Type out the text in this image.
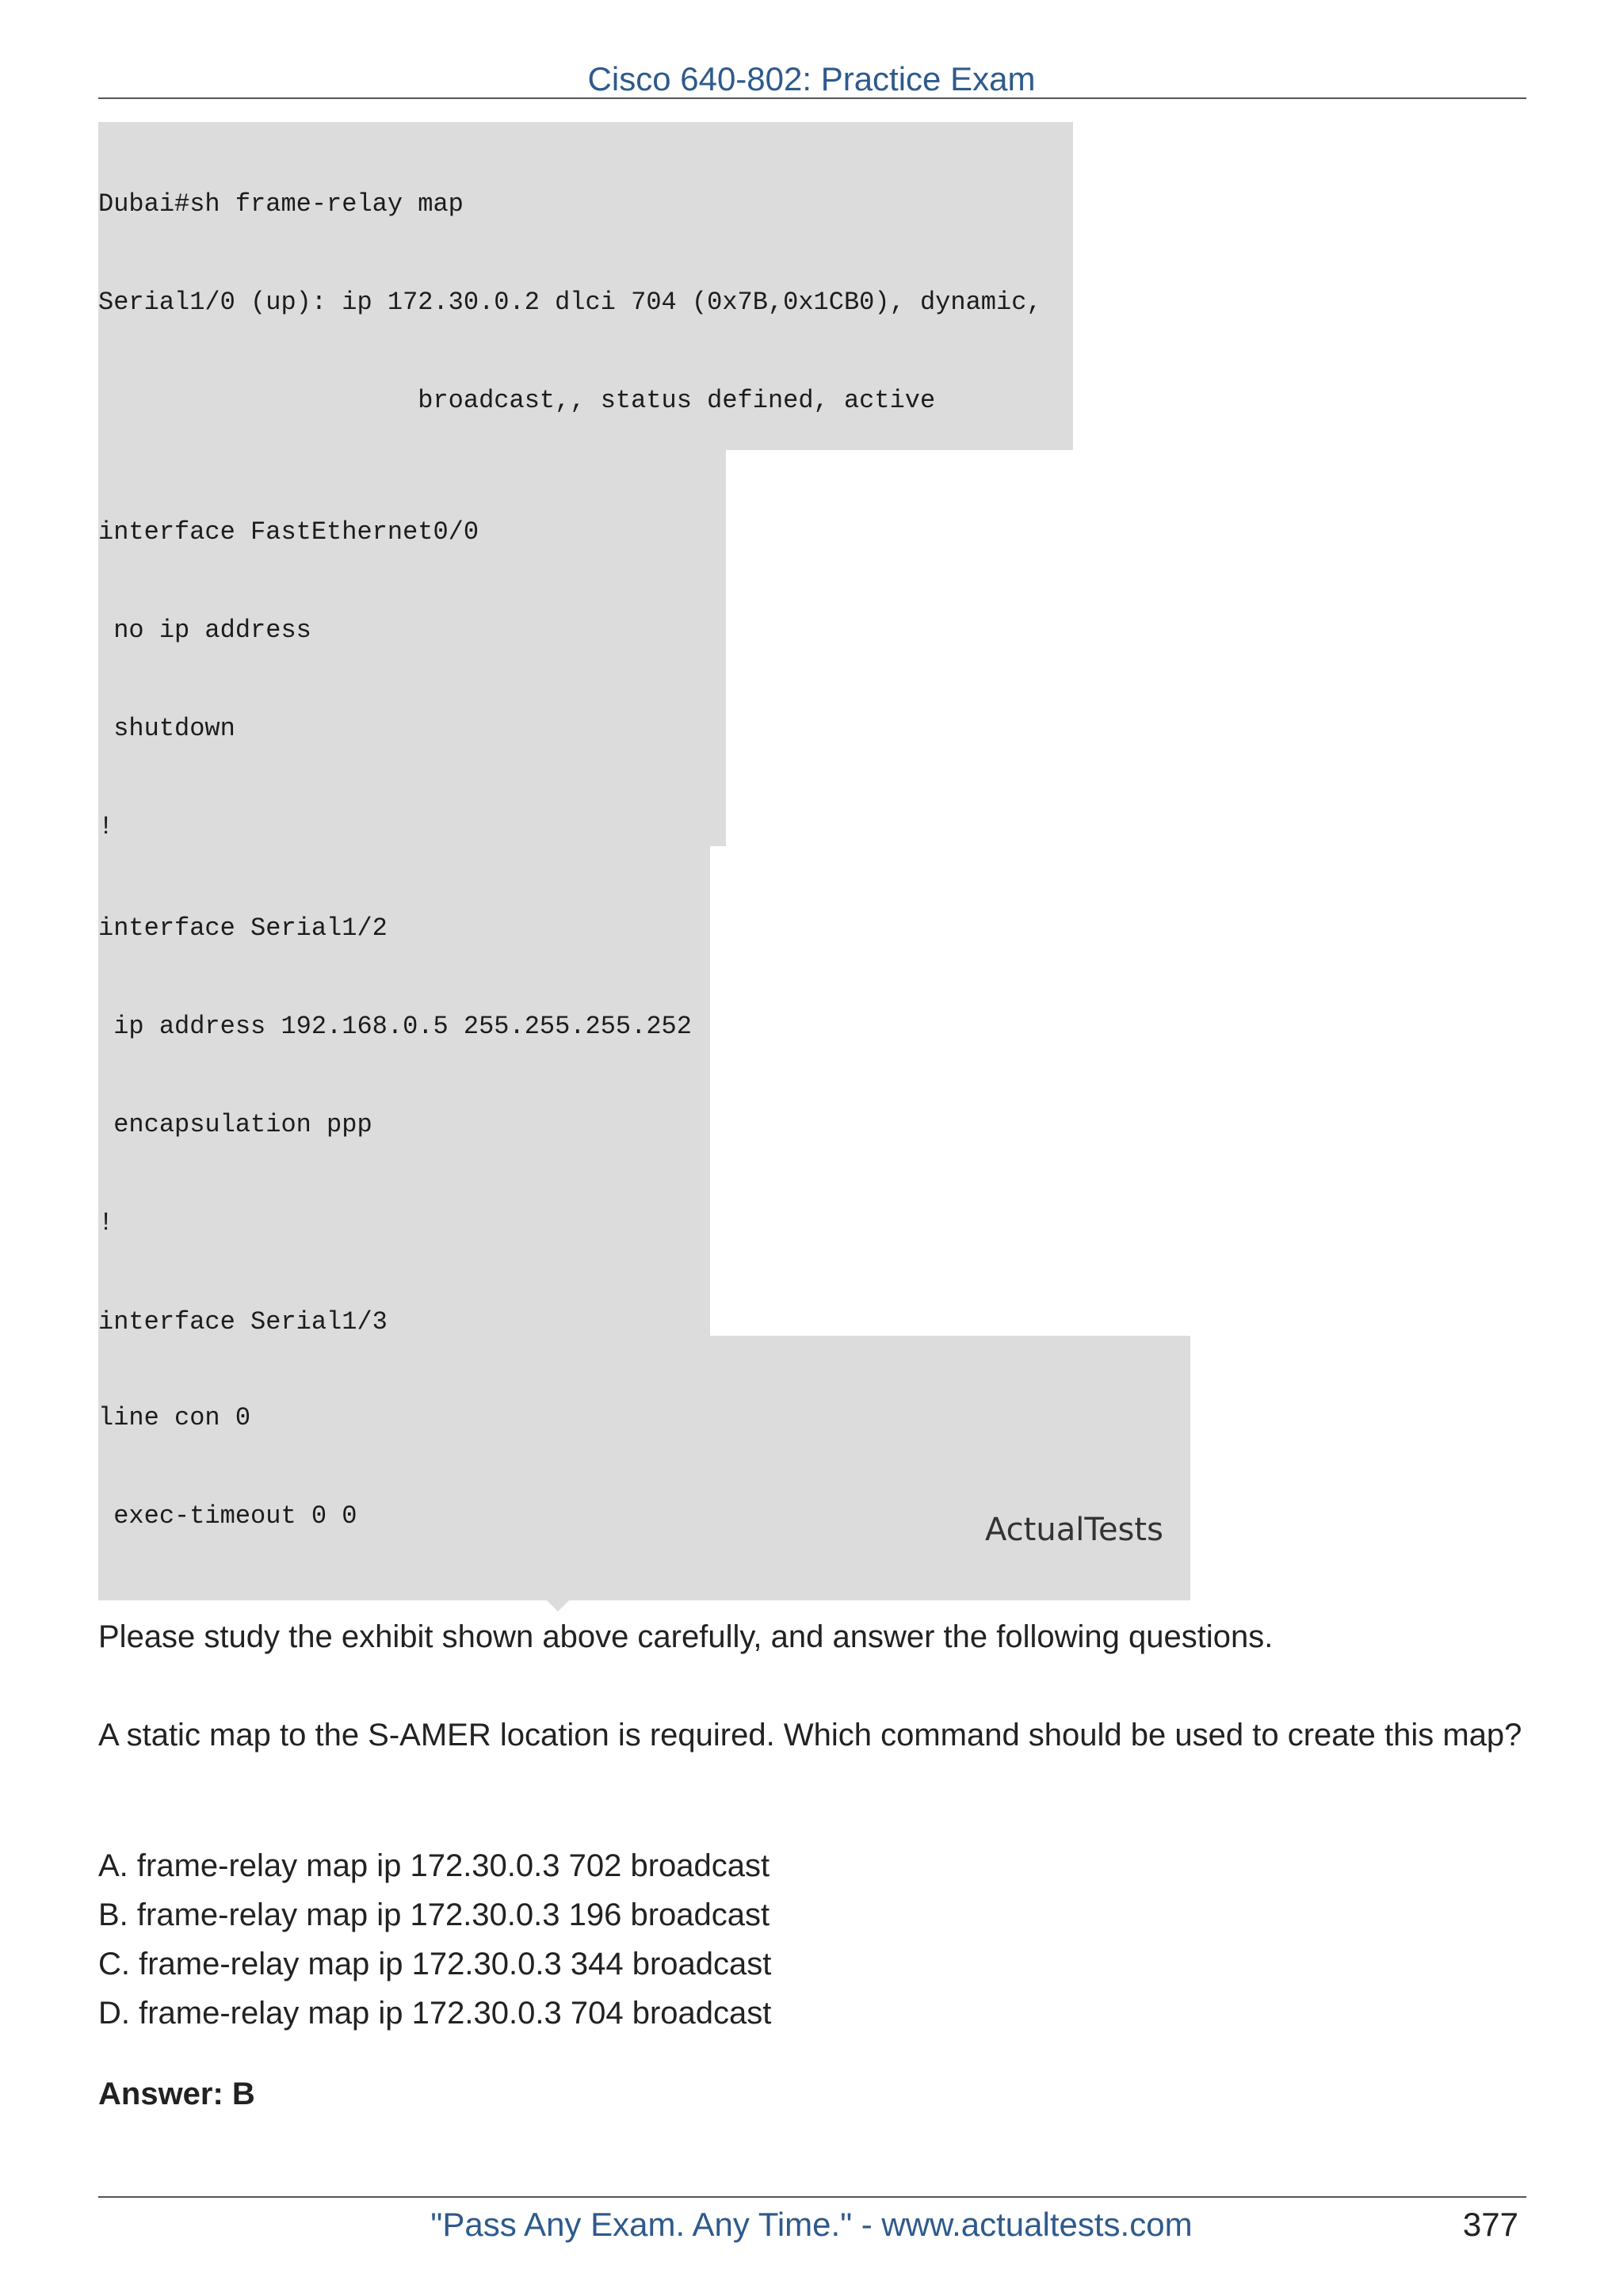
Cisco 640-802: Practice Exam

Dubai#sh frame-relay map

Serial1/0 (up): ip 172.30.0.2 dlci 704 (0x7B,0x1CB0), dynamic,

broadcast,, status defined, active

interface FastEthernet0/0

no ip address

shutdown

!

interface Serial1/2

ip address 192.168.0.5 255.255.255.252

encapsulation ppp

!

interface Serial1/3

line con 0

exec-timeout 0 0

	ActualTests
Please study the exhibit shown above carefully, and answer the following questions.
A static map to the S-AMER location is required. Which command should be used to create this map?
A. frame-relay map ip 172.30.0.3 702 broadcast
B. frame-relay map ip 172.30.0.3 196 broadcast
C. frame-relay map ip 172.30.0.3 344 broadcast
D. frame-relay map ip 172.30.0.3 704 broadcast
Answer: B
"Pass Any Exam. Any Time." - www.actualtests.com	377
